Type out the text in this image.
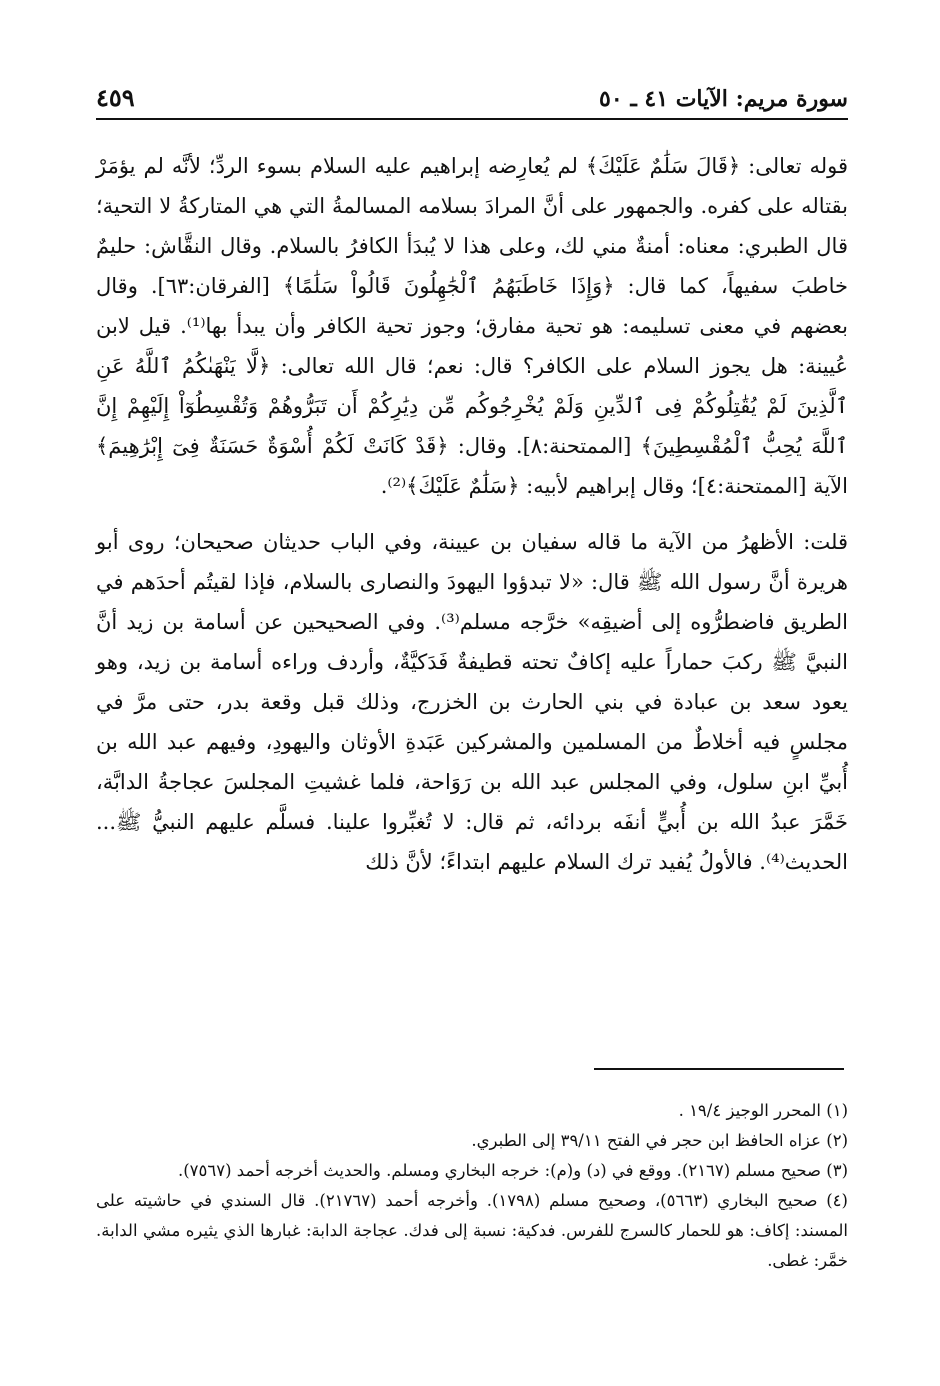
سورة مريم: الآيات ٤١ ـ ٥٠
٤٥٩

قوله تعالى: ﴿قَالَ سَلَٰمٌ عَلَيْكَ﴾ لم يُعارِضه إبراهيم عليه السلام بسوء الردِّ؛ لأنَّه لم يؤمَرْ بقتاله على كفره. والجمهور على أنَّ المرادَ بسلامه المسالمةُ التي هي المتاركةُ لا التحية؛ قال الطبري: معناه: أمنةٌ مني لك، وعلى هذا لا يُبدَأ الكافرُ بالسلام. وقال النقَّاش: حليمٌ خاطبَ سفيهاً، كما قال: ﴿وَإِذَا خَاطَبَهُمُ ٱلْجَٰهِلُونَ قَالُواْ سَلَٰمًا﴾ [الفرقان:٦٣]. وقال بعضهم في معنى تسليمه: هو تحية مفارق؛ وجوز تحية الكافر وأن يبدأ بها⁽¹⁾. قيل لابن عُيينة: هل يجوز السلام على الكافر؟ قال: نعم؛ قال الله تعالى: ﴿لَّا يَنْهَىٰكُمُ ٱللَّهُ عَنِ ٱلَّذِينَ لَمْ يُقَٰتِلُوكُمْ فِى ٱلدِّينِ وَلَمْ يُخْرِجُوكُم مِّن دِيَٰرِكُمْ أَن تَبَرُّوهُمْ وَتُقْسِطُوٓاْ إِلَيْهِمْ إِنَّ ٱللَّهَ يُحِبُّ ٱلْمُقْسِطِينَ﴾ [الممتحنة:٨]. وقال: ﴿قَدْ كَانَتْ لَكُمْ أُسْوَةٌ حَسَنَةٌ فِىٓ إِبْرَٰهِيمَ﴾ الآية [الممتحنة:٤]؛ وقال إبراهيم لأبيه: ﴿سَلَٰمٌ عَلَيْكَ﴾⁽²⁾.

قلت: الأظهرُ من الآية ما قاله سفيان بن عيينة، وفي الباب حديثان صحيحان؛ روى أبو هريرة أنَّ رسول الله ﷺ قال: «لا تبدؤوا اليهودَ والنصارى بالسلام، فإذا لقيتُم أحدَهم في الطريق فاضطرُّوه إلى أضيقِه» خرَّجه مسلم⁽³⁾. وفي الصحيحين عن أسامة بن زيد أنَّ النبيَّ ﷺ ركبَ حماراً عليه إكافٌ تحته قطيفةٌ فَدَكيَّةٌ، وأردف وراءه أسامة بن زيد، وهو يعود سعد بن عبادة في بني الحارث بن الخزرج، وذلك قبل وقعة بدر، حتى مرَّ في مجلسٍ فيه أخلاطٌ من المسلمين والمشركين عَبَدةِ الأوثان واليهودِ، وفيهم عبد الله بن أُبيِّ ابنِ سلول، وفي المجلس عبد الله بن رَوَاحة، فلما غشيتِ المجلسَ عجاجةُ الدابَّة، خَمَّرَ عبدُ الله بن أُبيٍّ أنفَه بردائه، ثم قال: لا تُغبِّروا علينا. فسلَّم عليهم النبيُّ ﷺ... الحديث⁽⁴⁾. فالأولُ يُفيد ترك السلام عليهم ابتداءً؛ لأنَّ ذلك

(١) المحرر الوجيز ١٩/٤ .

(٢) عزاه الحافظ ابن حجر في الفتح ٣٩/١١ إلى الطبري.

(٣) صحيح مسلم (٢١٦٧). ووقع في (د) و(م): خرجه البخاري ومسلم. والحديث أخرجه أحمد (٧٥٦٧).

(٤) صحيح البخاري (٥٦٦٣)، وصحيح مسلم (١٧٩٨). وأخرجه أحمد (٢١٧٦٧). قال السندي في حاشيته على المسند: إكاف: هو للحمار كالسرج للفرس. فدكية: نسبة إلى فدك. عجاجة الدابة: غبارها الذي يثيره مشي الدابة. خمَّر: غطى.
